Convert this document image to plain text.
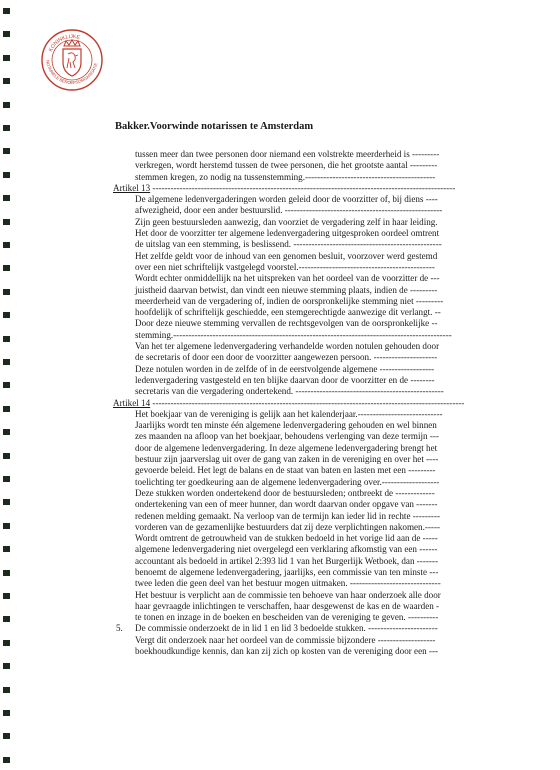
KONINKLIJKE
NOTARIELE BEROEPSORGANISATIE
Bakker.Voorwinde notarissen te Amsterdam
tussen meer dan twee personen door niemand een volstrekte meerderheid is ---------
verkregen, wordt herstemd tussen de twee personen, die het grootste aantal ---------
stemmen kregen, zo nodig na tussenstemming.-------------------------------------------
Artikel 13 ----------------------------------------------------------------------------------------------------
De algemene ledenvergaderingen worden geleid door de voorzitter of, bij diens ----
afwezigheid, door een ander bestuurslid. ----------------------------------------------------
Zijn geen bestuursleden aanwezig, dan voorziet de vergadering zelf in haar leiding.
Het door de voorzitter ter algemene ledenvergadering uitgesproken oordeel omtrent
de uitslag van een stemming, is beslissend. -------------------------------------------------
Het zelfde geldt voor de inhoud van een genomen besluit, voorzover werd gestemd
over een niet schriftelijk vastgelegd voorstel.---------------------------------------------
Wordt echter onmiddellijk na het uitspreken van het oordeel van de voorzitter de ---
juistheid daarvan betwist, dan vindt een nieuwe stemming plaats, indien de ---------
meerderheid van de vergadering of, indien de oorspronkelijke stemming niet ---------
hoofdelijk of schriftelijk geschiedde, een stemgerechtigde aanwezige dit verlangt. --
Door deze nieuwe stemming vervallen de rechtsgevolgen van de oorspronkelijke --
stemming.--------------------------------------------------------------------------------------------
Van het ter algemene ledenvergadering verhandelde worden notulen gehouden door
de secretaris of door een door de voorzitter aangewezen persoon. ---------------------
Deze notulen worden in de zelfde of in de eerstvolgende algemene ------------------
ledenvergadering vastgesteld en ten blijke daarvan door de voorzitter en de --------
secretaris van die vergadering ondertekend. -------------------------------------------------
Artikel 14 -------------------------------------------------------------------------------------------------------
Het boekjaar van de vereniging is gelijk aan het kalenderjaar.----------------------------
Jaarlijks wordt ten minste één algemene ledenvergadering gehouden en wel binnen
zes maanden na afloop van het boekjaar, behoudens verlenging van deze termijn ---
door de algemene ledenvergadering. In deze algemene ledenvergadering brengt het
bestuur zijn jaarverslag uit over de gang van zaken in de vereniging en over het ----
gevoerde beleid. Het legt de balans en de staat van baten en lasten met een ---------
toelichting ter goedkeuring aan de algemene ledenvergadering over.-------------------
Deze stukken worden ondertekend door de bestuursleden; ontbreekt de -------------
ondertekening van een of meer hunner, dan wordt daarvan onder opgave van -------
redenen melding gemaakt. Na verloop van de termijn kan ieder lid in rechte ---------
vorderen van de gezamenlijke bestuurders dat zij deze verplichtingen nakomen.-----
Wordt omtrent de getrouwheid van de stukken bedoeld in het vorige lid aan de -----
algemene ledenvergadering niet overgelegd een verklaring afkomstig van een ------
accountant als bedoeld in artikel 2:393 lid 1 van het Burgerlijk Wetboek, dan -------
benoemt de algemene ledenvergadering, jaarlijks, een commissie van ten minste ---
twee leden die geen deel van het bestuur mogen uitmaken. ------------------------------
Het bestuur is verplicht aan de commissie ten behoeve van haar onderzoek alle door
haar gevraagde inlichtingen te verschaffen, haar desgewenst de kas en de waarden -
te tonen en inzage in de boeken en bescheiden van de vereniging te geven. ----------
5. De commissie onderzoekt de in lid 1 en lid 3 bedoelde stukken. -----------------------
Vergt dit onderzoek naar het oordeel van de commissie bijzondere -------------------
boekhoudkundige kennis, dan kan zij zich op kosten van de vereniging door een ---
